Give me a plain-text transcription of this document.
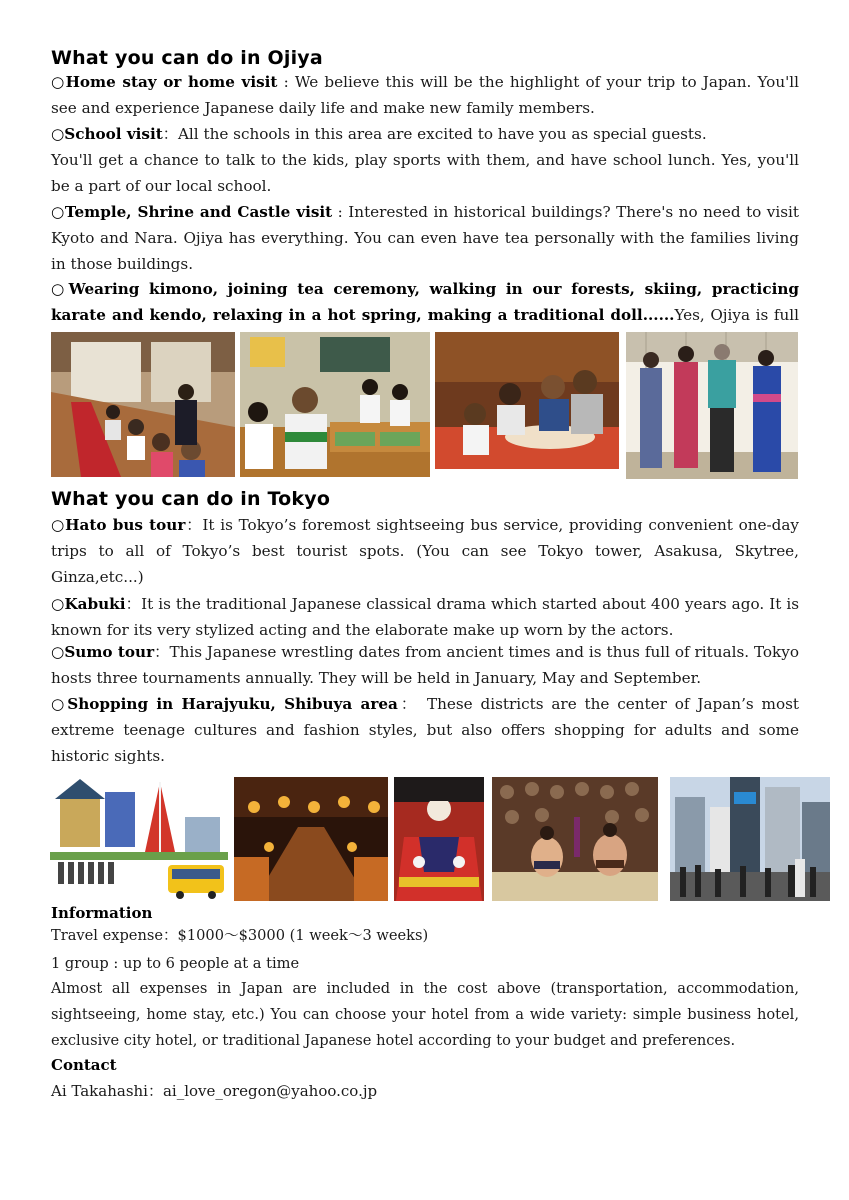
What you can do in Ojiya
○Home stay or home visit : We believe this will be the highlight of your trip to Japan. You'll see and experience Japanese daily life and make new family members.
○School visit：All the schools in this area are excited to have you as special guests.
You'll get a chance to talk to the kids, play sports with them, and have school lunch. Yes, you'll be a part of our local school.
○Temple, Shrine and Castle visit : Interested in historical buildings? There's no need to visit Kyoto and Nara. Ojiya has everything. You can even have tea personally with the families living in those buildings.
○Wearing kimono, joining tea ceremony, walking in our forests, skiing, practicing karate and kendo, relaxing in a hot spring, making a traditional doll......Yes, Ojiya is full
What you can do in Tokyo
○Hato bus tour：It is Tokyo’s foremost sightseeing bus service, providing convenient one-day trips to all of Tokyo’s best tourist spots. (You can see Tokyo tower, Asakusa, Skytree, Ginza,etc...)
○Kabuki：It is the traditional Japanese classical drama which started about 400 years ago. It is known for its very stylized acting and the elaborate make up worn by the actors.
○Sumo tour：This Japanese wrestling dates from ancient times and is thus full of rituals. Tokyo hosts three tournaments annually. They will be held in January, May and September.
○Shopping in Harajyuku, Shibuya area： These districts are the center of Japan’s most extreme teenage cultures and fashion styles, but also offers shopping for adults and some historic sights.
Information
Travel expense：$1000～$3000 (1 week～3 weeks)
1 group : up to 6 people at a time
Almost all expenses in Japan are included in the cost above (transportation, accommodation, sightseeing, home stay, etc.) You can choose your hotel from a wide variety: simple business hotel, exclusive city hotel, or traditional Japanese hotel according to your budget and preferences.
Contact
Ai Takahashi：ai_love_oregon@yahoo.co.jp
